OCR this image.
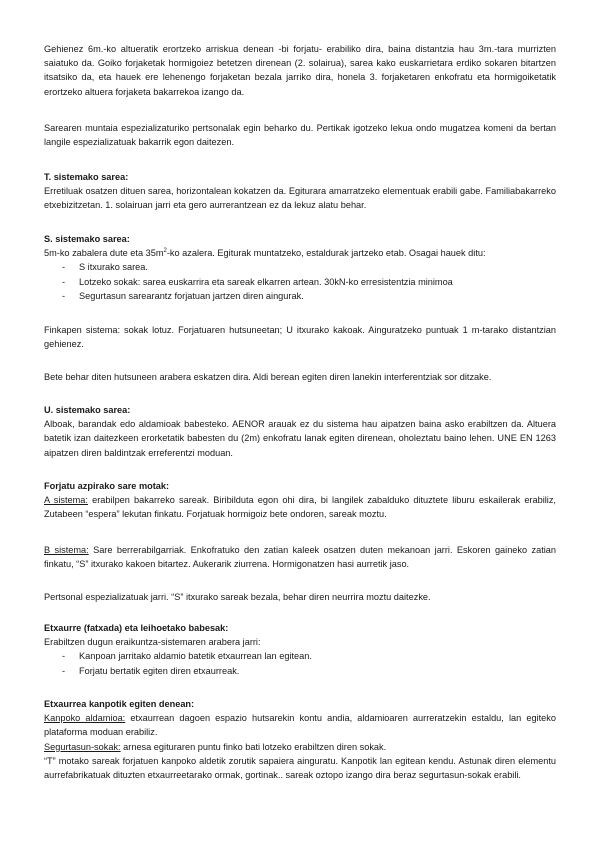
Gehienez 6m.-ko altueratik erortzeko arriskua denean -bi forjatu- erabiliko dira, baina distantzia hau 3m.-tara murrizten saiatuko da. Goiko forjaketak hormigoiez betetzen direnean (2. solairua), sarea kako euskarrietara erdiko sokaren bitartzen itsatsiko da, eta hauek ere lehenengo forjaketan bezala jarriko dira, honela 3. forjaketaren enkofratu eta hormigoiketatik erortzeko altuera forjaketa bakarrekoa izango da.

Sarearen muntaia espezializaturiko pertsonalak egin beharko du. Pertikak igotzeko lekua ondo mugatzea komeni da bertan langile espezializatuak bakarrik egon daitezen.

T. sistemako sarea:
Erretiluak osatzen dituen sarea, horizontalean kokatzen da. Egiturara amarratzeko elementuak erabili gabe. Familiabakarreko etxebizitzetan. 1. solairuan jarri eta gero aurrerantzean ez da lekuz alatu behar.
S. sistemako sarea:
5m-ko zabalera dute eta $35m^2-ko$ azalera. Egiturak muntatzeko, estaldurak jartzeko etab. Osagai hauek ditu:
- S itxurako sarea.
- Lotzeko sokak: sarea euskarrira eta sareak elkarren artean. 30kN-ko erresistentzia minimoa
- Segurtasun sarearantz forjatuan jartzen diren aingurak.

Finkapen sistema: sokak lotuz. Forjatuaren hutsuneetan; U itxurako kakoak. Ainguratzeko puntuak 1 m-tarako distantzian gehienez.

Bete behar diten hutsuneen arabera eskatzen dira. Aldi berean egiten diren lanekin interferentziak sor ditzake.

U. sistemako sarea:
Alboak, barandak edo aldamioak babesteko. AENOR arauak ez du sistema hau aipatzen baina asko erabiltzen da. Altuera batetik izan daitezkeen erorketatik babesten du (2m) enkofratu lanak egiten direnean, oholeztatu baino lehen. UNE EN 1263 aipatzen diren baldintzak erreferentzi moduan.
Forjatu azpirako sare motak:
A sistema: erabilpen bakarreko sareak. Biribilduta egon ohi dira, bi langilek zabalduko dituztete liburu eskailerak erabiliz, Zutabeen “espera” lekutan finkatu. Forjatuak hormigoiz bete ondoren, sareak moztu.

B sistema: Sare berrerabilgarriak. Enkofratuko den zatian kaleek osatzen duten mekanoan jarri. Eskoren gaineko zatian finkatu, “S” itxurako kakoen bitartez. Aukerarik ziurrena. Hormigonatzen hasi aurretik jaso.

Pertsonal espezializatuak jarri. “S” itxurako sareak bezala, behar diren neurrira moztu daitezke.

Etxaurre (fatxada) eta leihoetako babesak:
Erabiltzen dugun eraikuntza-sistemaren arabera jarri:
- Kanpoan jarritako aldamio batetik etxaurrean lan egitean.
- Forjatu bertatik egiten diren etxaurreak.
Etxaurrea kanpotik egiten denean:
Kanpoko aldamioa: etxaurrean dagoen espazio hutsarekin kontu andia, aldamioaren aurreratzekin estaldu, lan egiteko plataforma moduan erabiliz.
Segurtasun-sokak: arnesa egituraren puntu finko bati lotzeko erabiltzen diren sokak.
“T” motako sareak forjatuen kanpoko aldetik zorutik sapaiera ainguratu. Kanpotik lan egitean kendu. Astunak diren elementu aurrefabrikatuak dituzten etxaurreetarako ormak, gortinak.. sareak oztopo izango dira beraz segurtasun-sokak erabili.
